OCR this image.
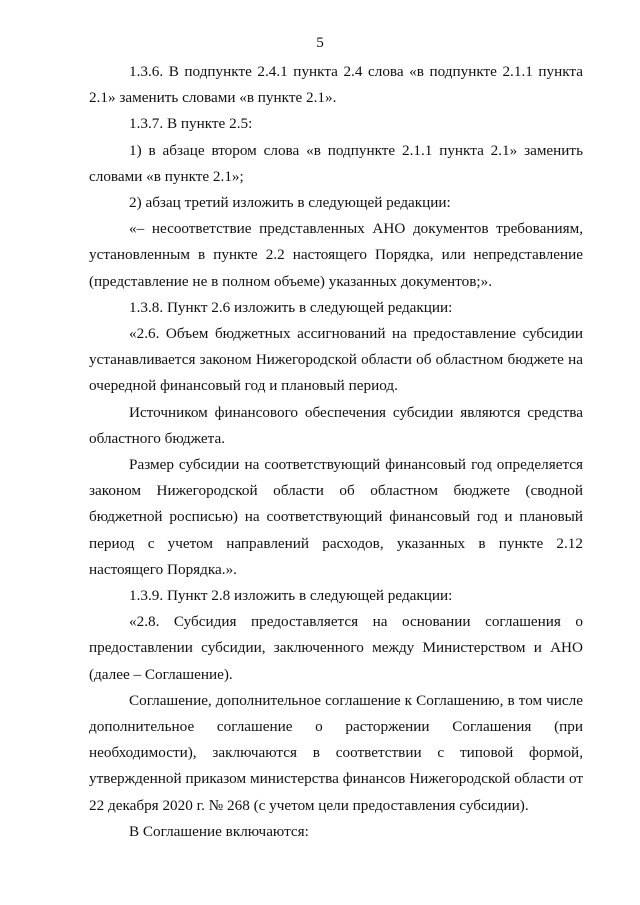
5

1.3.6. В подпункте 2.4.1 пункта 2.4 слова «в подпункте 2.1.1 пункта 2.1» заменить словами «в пункте 2.1».

1.3.7. В пункте 2.5:

1) в абзаце втором слова «в подпункте 2.1.1 пункта 2.1» заменить словами «в пункте 2.1»;

2) абзац третий изложить в следующей редакции:

«– несоответствие представленных АНО документов требованиям, установленным в пункте 2.2 настоящего Порядка, или непредставление (представление не в полном объеме) указанных документов;».

1.3.8. Пункт 2.6 изложить в следующей редакции:

«2.6. Объем бюджетных ассигнований на предоставление субсидии устанавливается законом Нижегородской области об областном бюджете на очередной финансовый год и плановый период.

Источником финансового обеспечения субсидии являются средства областного бюджета.

Размер субсидии на соответствующий финансовый год определяется законом Нижегородской области об областном бюджете (сводной бюджетной росписью) на соответствующий финансовый год и плановый период с учетом направлений расходов, указанных в пункте 2.12 настоящего Порядка.».

1.3.9. Пункт 2.8 изложить в следующей редакции:

«2.8. Субсидия предоставляется на основании соглашения о предоставлении субсидии, заключенного между Министерством и АНО (далее – Соглашение).

Соглашение, дополнительное соглашение к Соглашению, в том числе дополнительное соглашение о расторжении Соглашения (при необходимости), заключаются в соответствии с типовой формой, утвержденной приказом министерства финансов Нижегородской области от 22 декабря 2020 г. № 268 (с учетом цели предоставления субсидии).

В Соглашение включаются:
